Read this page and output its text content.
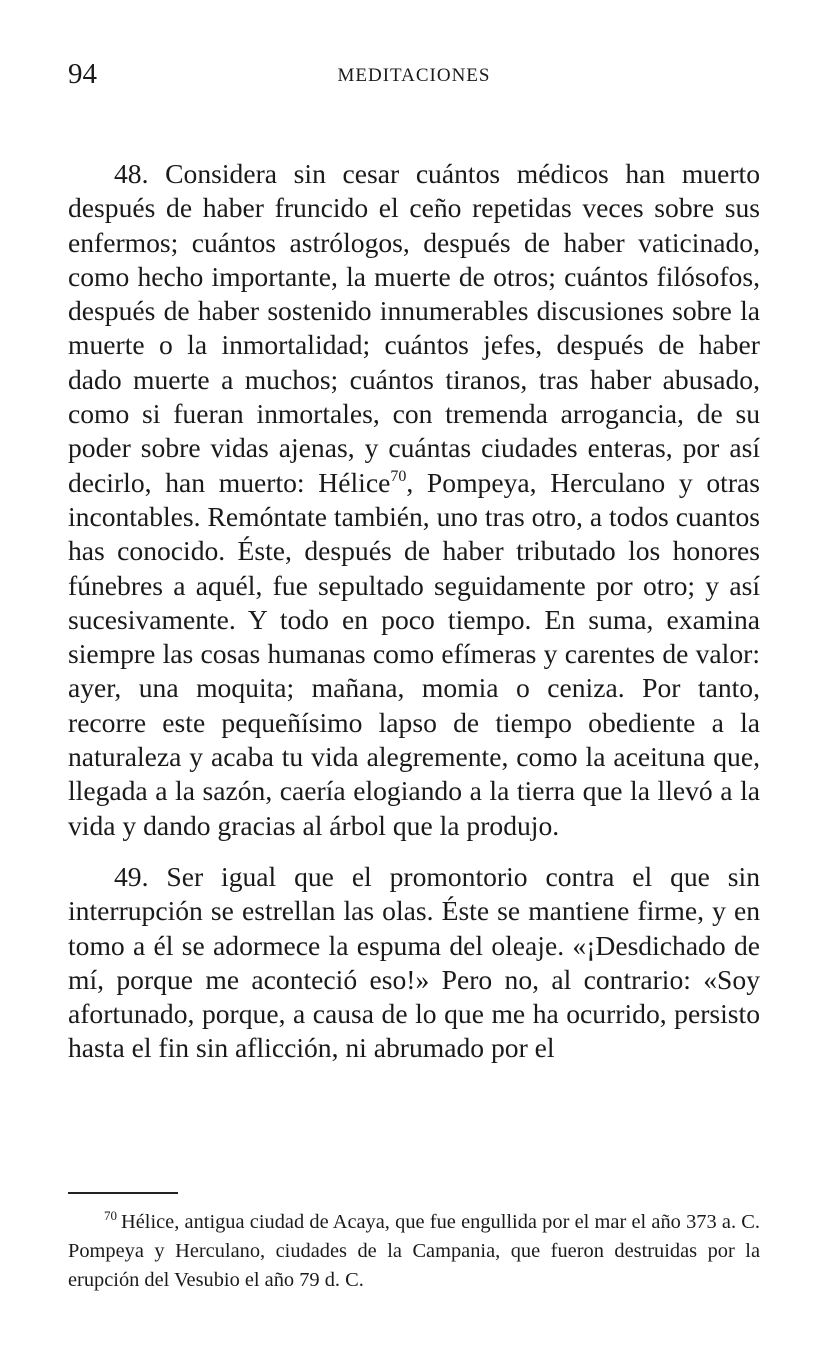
94	MEDITACIONES

48. Considera sin cesar cuántos médicos han muerto después de haber fruncido el ceño repetidas veces sobre sus enfermos; cuántos astrólogos, después de haber vaticinado, como hecho importante, la muerte de otros; cuántos filósofos, después de haber sostenido innumerables discusiones sobre la muerte o la inmortalidad; cuántos jefes, después de haber dado muerte a muchos; cuántos tiranos, tras haber abusado, como si fueran inmortales, con tremenda arrogancia, de su poder sobre vidas ajenas, y cuántas ciudades enteras, por así decirlo, han muerto: Hélice$^{70}$, Pompeya, Herculano y otras incontables. Remóntate también, uno tras otro, a todos cuantos has conocido. Éste, después de haber tributado los honores fúnebres a aquél, fue sepultado seguidamente por otro; y así sucesivamente. Y todo en poco tiempo. En suma, examina siempre las cosas humanas como efímeras y carentes de valor: ayer, una moquita; mañana, momia o ceniza. Por tanto, recorre este pequeñísimo lapso de tiempo obediente a la naturaleza y acaba tu vida alegremente, como la aceituna que, llegada a la sazón, caería elogiando a la tierra que la llevó a la vida y dando gracias al árbol que la produjo.

49. Ser igual que el promontorio contra el que sin interrupción se estrellan las olas. Éste se mantiene firme, y en tomo a él se adormece la espuma del oleaje. «¡Desdichado de mí, porque me aconteció eso!» Pero no, al contrario: «Soy afortunado, porque, a causa de lo que me ha ocurrido, persisto hasta el fin sin aflicción, ni abrumado por el

$^{70}$ Hélice, antigua ciudad de Acaya, que fue engullida por el mar el año 373 a. C. Pompeya y Herculano, ciudades de la Campania, que fueron destruidas por la erupción del Vesubio el año 79 d. C.
